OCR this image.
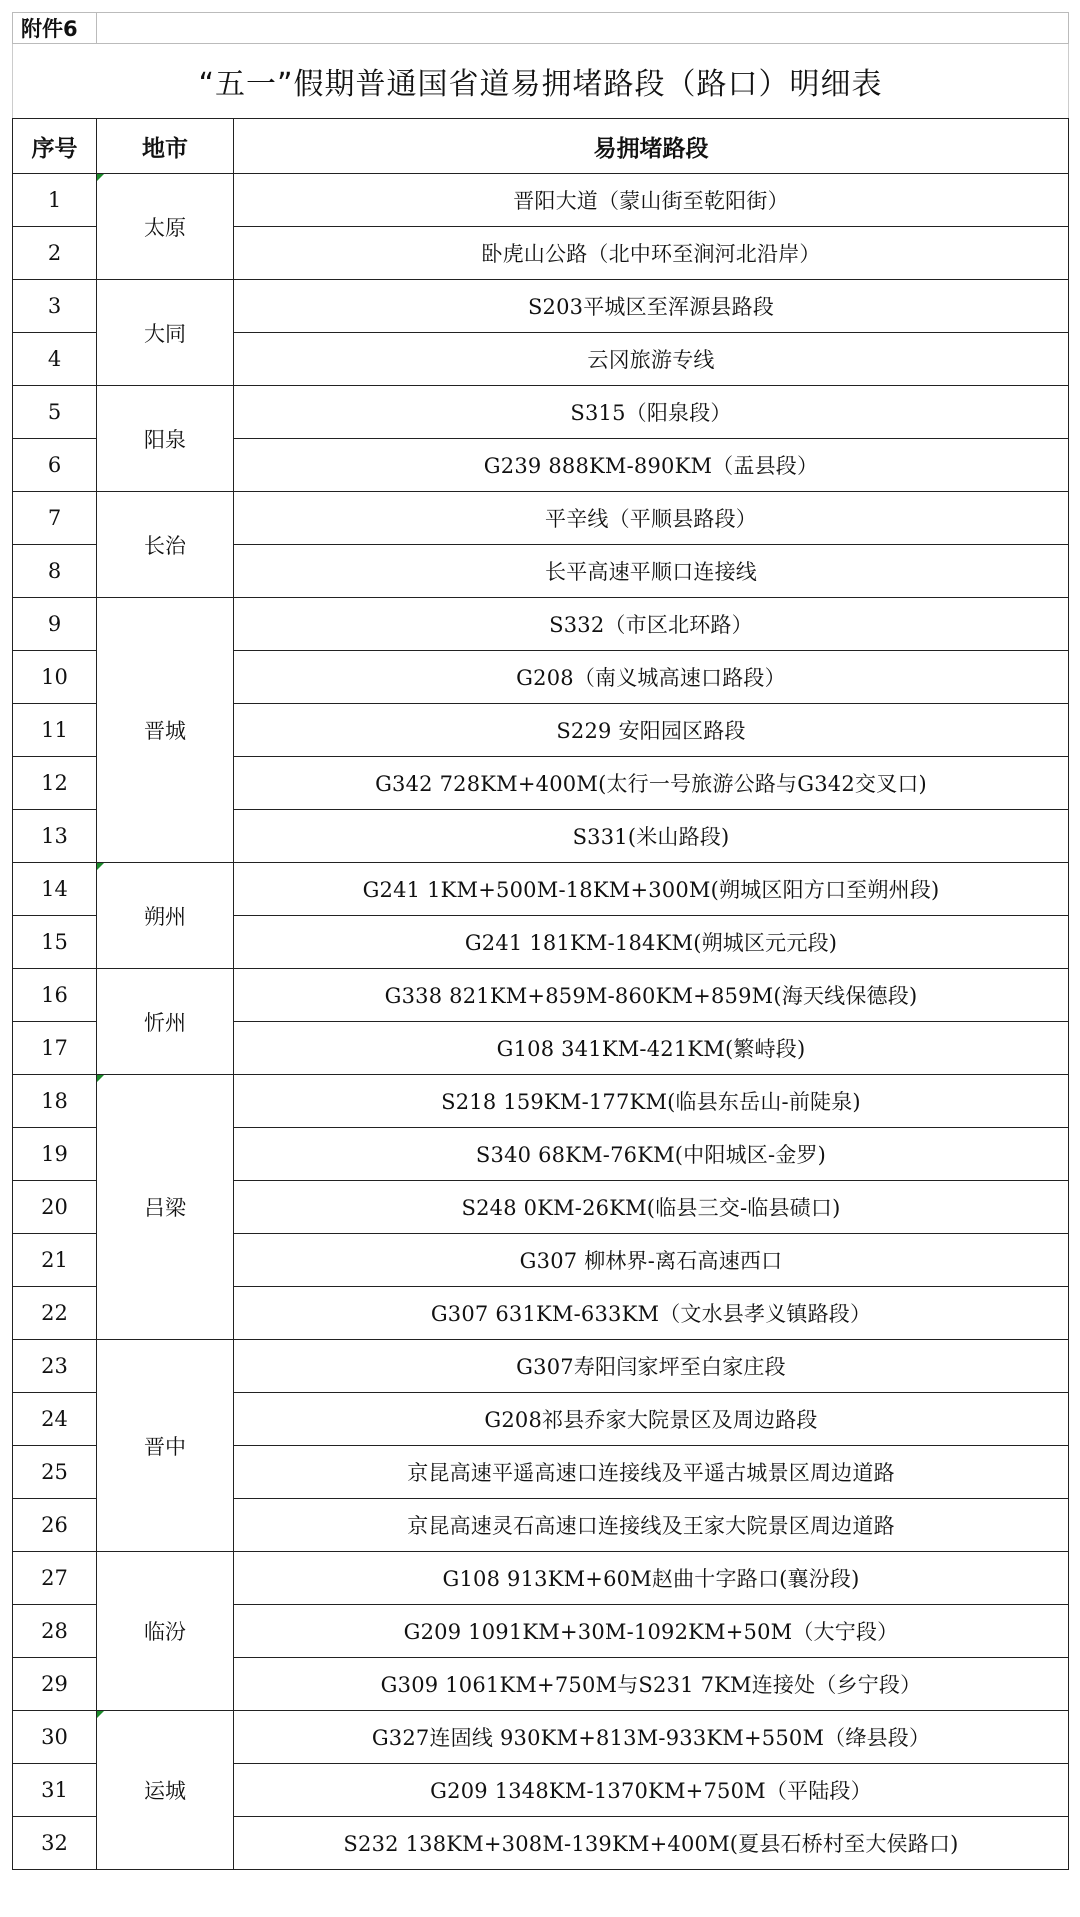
附件6		
“五一”假期普通国省道易拥堵路段（路口）明细表		
序号	地市	易拥堵路段
1	太原	晋阳大道（蒙山街至乾阳街）
2		卧虎山公路（北中环至涧河北沿岸）
3	大同	S203平城区至浑源县路段
4		云冈旅游专线
5	阳泉	S315（阳泉段）
6		G239 888KM-890KM（盂县段）
7	长治	平辛线（平顺县路段）
8		长平高速平顺口连接线
9	晋城	S332（市区北环路）
10		G208（南义城高速口路段）
11		S229 安阳园区路段
12		G342 728KM+400M(太行一号旅游公路与G342交叉口)
13		S331(米山路段)
14	朔州	G241 1KM+500M-18KM+300M(朔城区阳方口至朔州段)
15		G241 181KM-184KM(朔城区元元段)
16	忻州	G338 821KM+859M-860KM+859M(海天线保德段)
17		G108 341KM-421KM(繁峙段)
18	吕梁	S218 159KM-177KM(临县东岳山-前陡泉)
19		S340 68KM-76KM(中阳城区-金罗)
20		S248 0KM-26KM(临县三交-临县碛口)
21		G307 柳林界-离石高速西口
22		G307 631KM-633KM（文水县孝义镇路段）
23	晋中	G307寿阳闫家坪至白家庄段
24		G208祁县乔家大院景区及周边路段
25		京昆高速平遥高速口连接线及平遥古城景区周边道路
26		京昆高速灵石高速口连接线及王家大院景区周边道路
27	临汾	G108 913KM+60M赵曲十字路口(襄汾段)
28		G209 1091KM+30M-1092KM+50M（大宁段）
29		G309 1061KM+750M与S231 7KM连接处（乡宁段）
30	运城	G327连固线 930KM+813M-933KM+550M（绛县段）
31		G209 1348KM-1370KM+750M（平陆段）
32		S232 138KM+308M-139KM+400M(夏县石桥村至大侯路口)
